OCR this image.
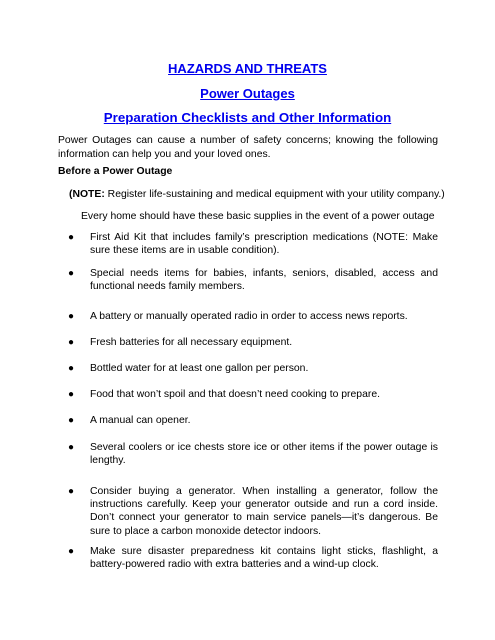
HAZARDS AND THREATS
Power Outages
Preparation Checklists and Other Information
Power Outages can cause a number of safety concerns; knowing the following information can help you and your loved ones.
Before a Power Outage
(NOTE: Register life-sustaining and medical equipment with your utility company.)
Every home should have these basic supplies in the event of a power outage
● First Aid Kit that includes family’s prescription medications (NOTE: Make sure these items are in usable condition).
● Special needs items for babies, infants, seniors, disabled, access and functional needs family members.
● A battery or manually operated radio in order to access news reports.
● Fresh batteries for all necessary equipment.
● Bottled water for at least one gallon per person.
● Food that won’t spoil and that doesn’t need cooking to prepare.
● A manual can opener.
● Several coolers or ice chests store ice or other items if the power outage is lengthy.
● Consider buying a generator. When installing a generator, follow the instructions carefully. Keep your generator outside and run a cord inside. Don’t connect your generator to main service panels—it’s dangerous. Be sure to place a carbon monoxide detector indoors.
● Make sure disaster preparedness kit contains light sticks, flashlight, a battery-powered radio with extra batteries and a wind-up clock.
